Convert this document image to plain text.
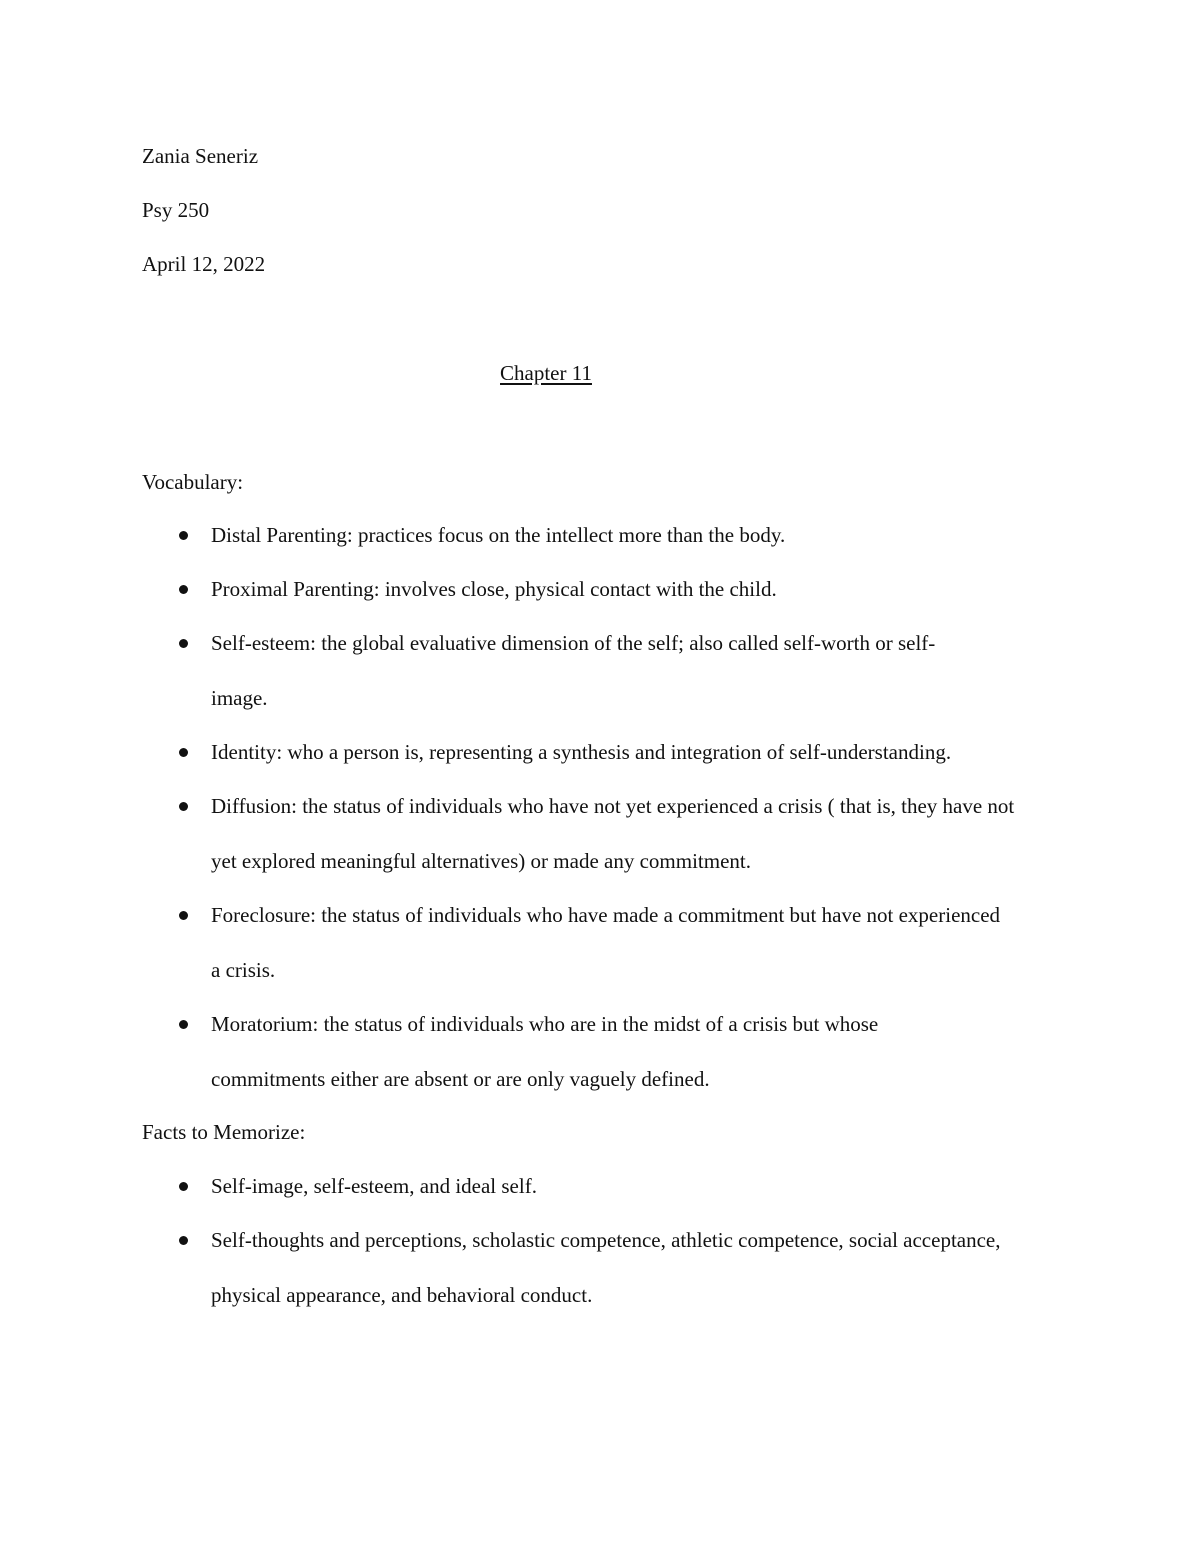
Zania Seneriz
Psy 250
April 12, 2022
Chapter 11
Vocabulary:
Distal Parenting: practices focus on the intellect more than the body.
Proximal Parenting: involves close, physical contact with the child.
Self-esteem: the global evaluative dimension of the self; also called self-worth or self-image.
Identity: who a person is, representing a synthesis and integration of self-understanding.
Diffusion: the status of individuals who have not yet experienced a crisis ( that is, they have not yet explored meaningful alternatives) or made any commitment.
Foreclosure: the status of individuals who have made a commitment but have not experienced a crisis.
Moratorium: the status of individuals who are in the midst of a crisis but whose commitments either are absent or are only vaguely defined.
Facts to Memorize:
Self-image, self-esteem, and ideal self.
Self-thoughts and perceptions, scholastic competence, athletic competence, social acceptance, physical appearance, and behavioral conduct.
